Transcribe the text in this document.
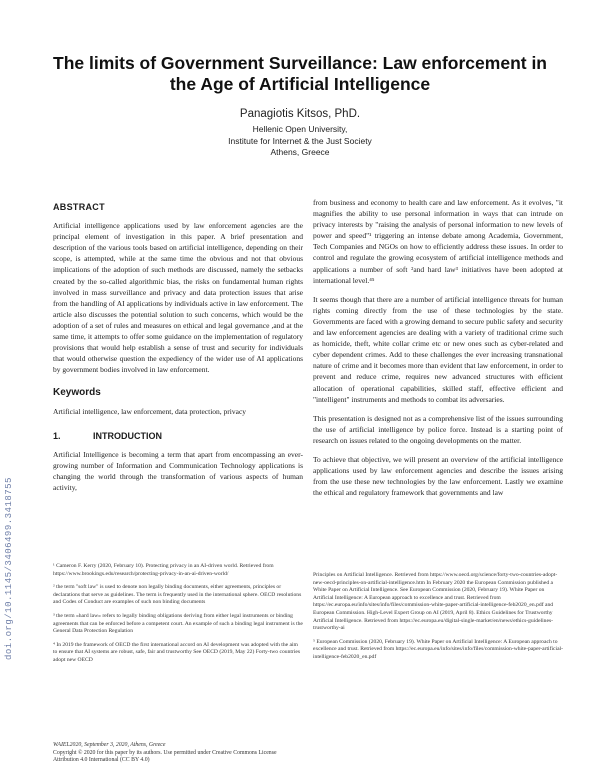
doi.org/10.1145/3406499.3418755
The limits of Government Surveillance: Law enforcement in the Age of Artificial Intelligence
Panagiotis Kitsos, PhD.
Hellenic Open University,
Institute for Internet & the Just Society
Athens, Greece
ABSTRACT

Artificial intelligence applications used by law enforcement agencies are the principal element of investigation in this paper. A brief presentation and description of the various tools based on artificial intelligence, depending on their scope, is attempted, while at the same time the obvious and not that obvious implications of the adoption of such methods are discussed, namely the setbacks created by the so-called algorithmic bias, the risks on fundamental human rights involved in mass surveillance and privacy and data protection issues that arise from the handling of AI applications by individuals active in law enforcement. The article also discusses the potential solution to such concerns, which would be the adoption of a set of rules and measures on ethical and legal governance ,and at the same time, it attempts to offer some guidance on the implementation of regulatory provisions that would help establish a sense of trust and security for individuals that would otherwise question the expediency of the wider use of AI applications by government bodies involved in law enforcement.

Keywords

Artificial intelligence, law enforcement, data protection, privacy

1.	INTRODUCTION

Artificial Intelligence is becoming a term that apart from encompassing an ever-growing number of Information and Communication Technology applications is changing the world through the transformation of various aspects of human activity,

from business and economy to health care and law enforcement. As it evolves, "it magnifies the ability to use personal information in ways that can intrude on privacy interests by "raising the analysis of personal information to new levels of power and speed"¹ triggering an intense debate among Academia, Government, Tech Companies and NGOs on how to efficiently address these issues. In order to control and regulate the growing ecosystem of artificial intelligence methods and applications a number of soft ²and hard law³ initiatives have been adopted at international level.⁴⁵

It seems though that there are a number of artificial intelligence threats for human rights coming directly from the use of these technologies by the state. Governments are faced with a growing demand to secure public safety and security and law enforcement agencies are dealing with a variety of traditional crime such as homicide, theft, white collar crime etc or new ones such as cyber-related and cyber dependent crimes. Add to these challenges the ever increasing transnational nature of crime and it becomes more than evident that law enforcement, in order to prevent and reduce crime, requires new advanced structures with efficient allocation of operational capabilities, skilled staff, effective efficient and "intelligent" instruments and methods to combat its adversaries.

This presentation is designed not as a comprehensive list of the issues surrounding the use of artificial intelligence by police force. Instead is a starting point of research on issues related to the ongoing developments on the matter.

To achieve that objective, we will present an overview of the artificial intelligence applications used by law enforcement agencies and describe the issues arising from the use these new technologies by the law enforcement. Lastly we examine the ethical and regulatory framework that governments and law

¹ Cameron F. Kerry (2020, February 10). Protecting privacy in an AI-driven world. Retrieved from https://www.brookings.edu/research/protecting-privacy-in-an-ai-driven-world/

² the term "soft law" is used to denote non legally binding documents, either agreements, principles or declarations that serve as guidelines. The term is frequently used in the international sphere. OECD resolutions and Codes of Conduct are examples of such non binding documents

³ the term «hard law» refers to legally binding obligations deriving from either legal instruments or binding agreements that can be enforced before a competent court. An example of such a binding legal instrument is the General Data Protection Regulation

⁴ In 2019 the framework of OECD the first international accord on AI development was adopted with the aim to ensure that AI systems are robust, safe, fair and trustworthy See OECD (2019, May 22) Forty-two countries adopt new OECD

Principles on Artificial Intelligence. Retrieved from https://www.oecd.org/science/forty-two-countries-adopt-new-oecd-principles-on-artificial-intelligence.htm In February 2020 the European Commission published a White Paper on Artificial Intelligence. See European Commission (2020, February 19). White Paper on Artificial Intelligence: A European approach to excellence and trust. Retrieved from https://ec.europa.eu/info/sites/info/files/commission-white-paper-artificial-intelligence-feb2020_en.pdf and European Commission. High-Level Expert Group on AI (2019, April 8). Ethics Guidelines for Trustworthy Artificial Intelligence. Retrieved from https://ec.europa.eu/digital-single-market/en/news/ethics-guidelines-trustworthy-ai

⁵ European Commission (2020, February 19). White Paper on Artificial Intelligence: A European approach to excellence and trust. Retrieved from https://ec.europa.eu/info/sites/info/files/commission-white-paper-artificial-intelligence-feb2020_en.pdf

WAIEL2020, September 3, 2020, Athens, Greece
Copyright © 2020 for this paper by its authors. Use permitted under Creative Commons License Attribution 4.0 International (CC BY 4.0)
